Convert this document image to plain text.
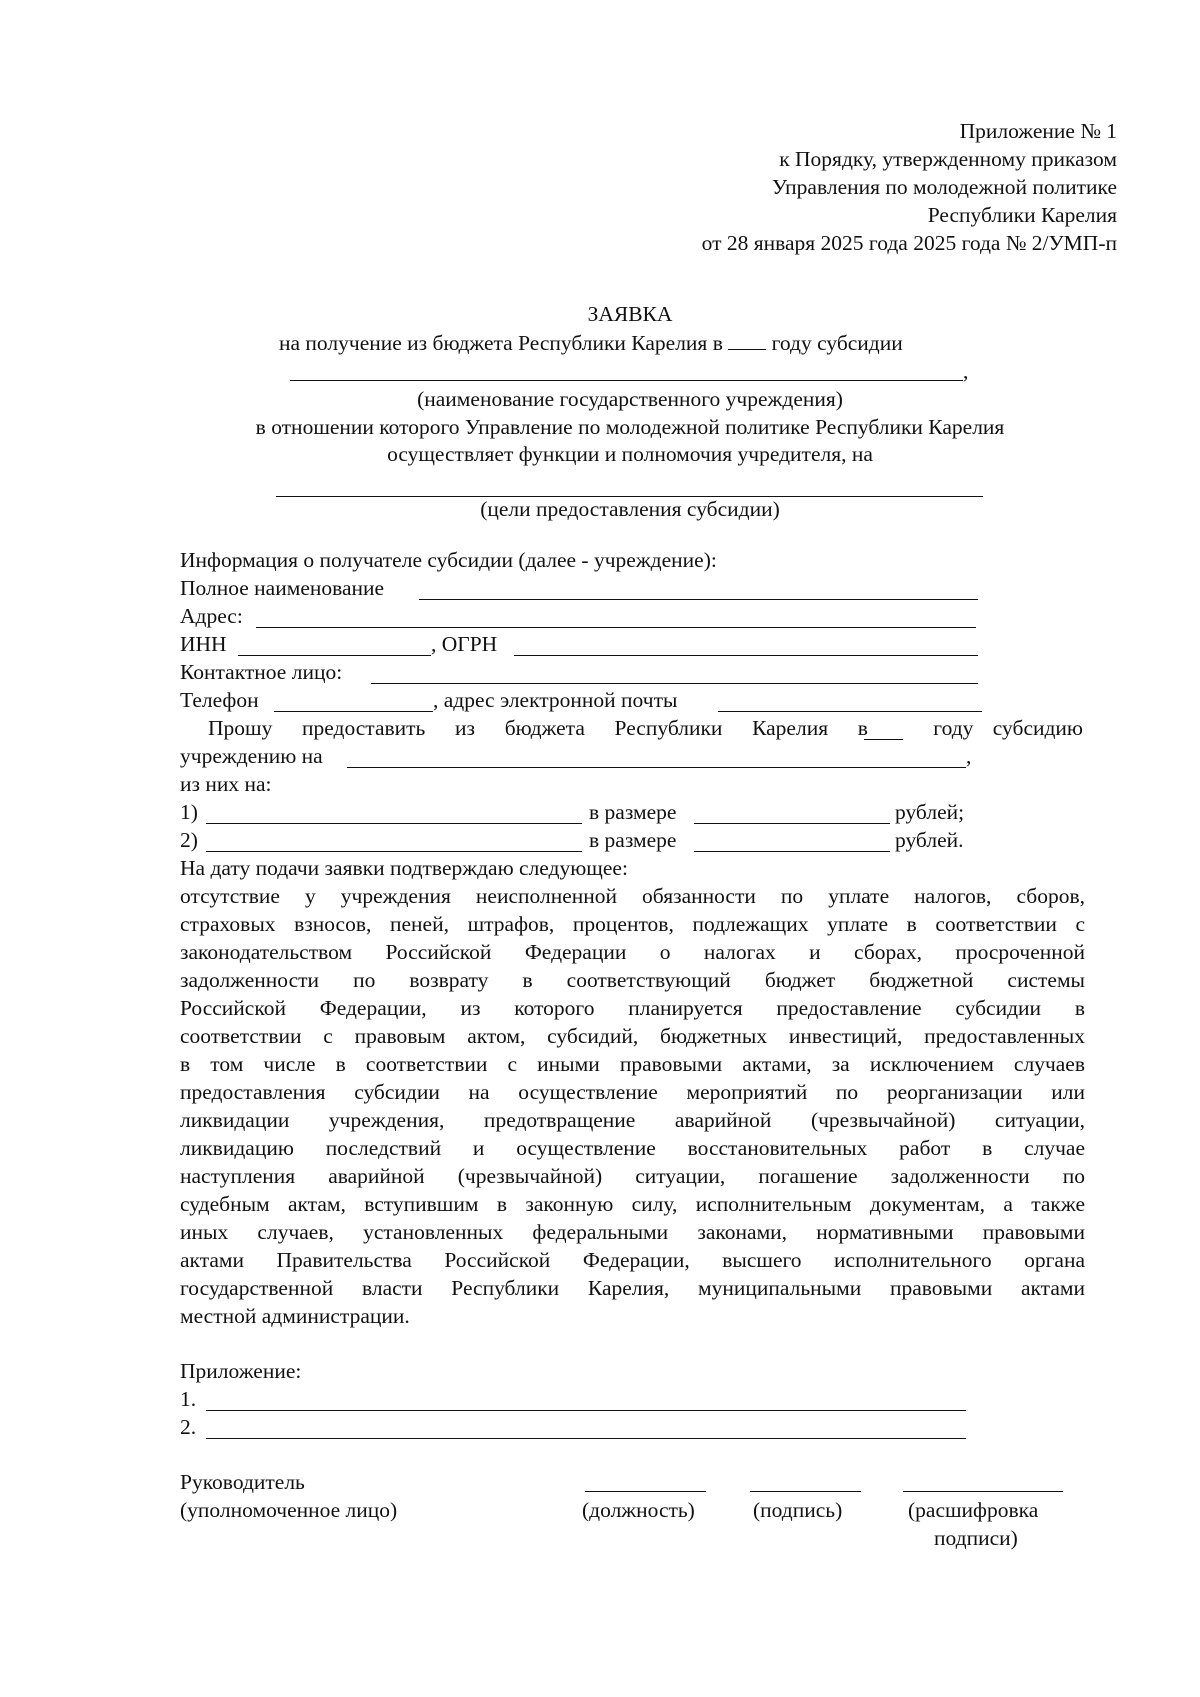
Приложение № 1
к Порядку, утвержденному приказом
Управления по молодежной политике
Республики Карелия
от 28 января 2025 года 2025 года № 2/УМП-п
ЗАЯВКА
на получение из бюджета Республики Карелия в году субсидии
,
(наименование государственного учреждения)
в отношении которого Управление по молодежной политике Республики Карелия
осуществляет функции и полномочия учредителя, на
(цели предоставления субсидии)
Информация о получателе субсидии (далее - учреждение):
Полное наименование
Адрес:
ИНН	, ОГРН
Контактное лицо:
Телефон	, адрес электронной почты
Прошу предоставить из бюджета Республики Карелия в	году субсидию
учреждению на	,
из них на:
1)	в размере	рублей;
2)	в размере	рублей.
На дату подачи заявки подтверждаю следующее:
отсутствие у учреждения неисполненной обязанности по уплате налогов, сборов,
страховых взносов, пеней, штрафов, процентов, подлежащих уплате в соответствии с
законодательством Российской Федерации о налогах и сборах, просроченной
задолженности по возврату в соответствующий бюджет бюджетной системы
Российской Федерации, из которого планируется предоставление субсидии в
соответствии с правовым актом, субсидий, бюджетных инвестиций, предоставленных
в том числе в соответствии с иными правовыми актами, за исключением случаев
предоставления субсидии на осуществление мероприятий по реорганизации или
ликвидации учреждения, предотвращение аварийной (чрезвычайной) ситуации,
ликвидацию последствий и осуществление восстановительных работ в случае
наступления аварийной (чрезвычайной) ситуации, погашение задолженности по
судебным актам, вступившим в законную силу, исполнительным документам, а также
иных случаев, установленных федеральными законами, нормативными правовыми
актами Правительства Российской Федерации, высшего исполнительного органа
государственной власти Республики Карелия, муниципальными правовыми актами
местной администрации.
Приложение:
1.
2.
Руководитель
(уполномоченное лицо)	(должность)	(подпись)	(расшифровка
подписи)
